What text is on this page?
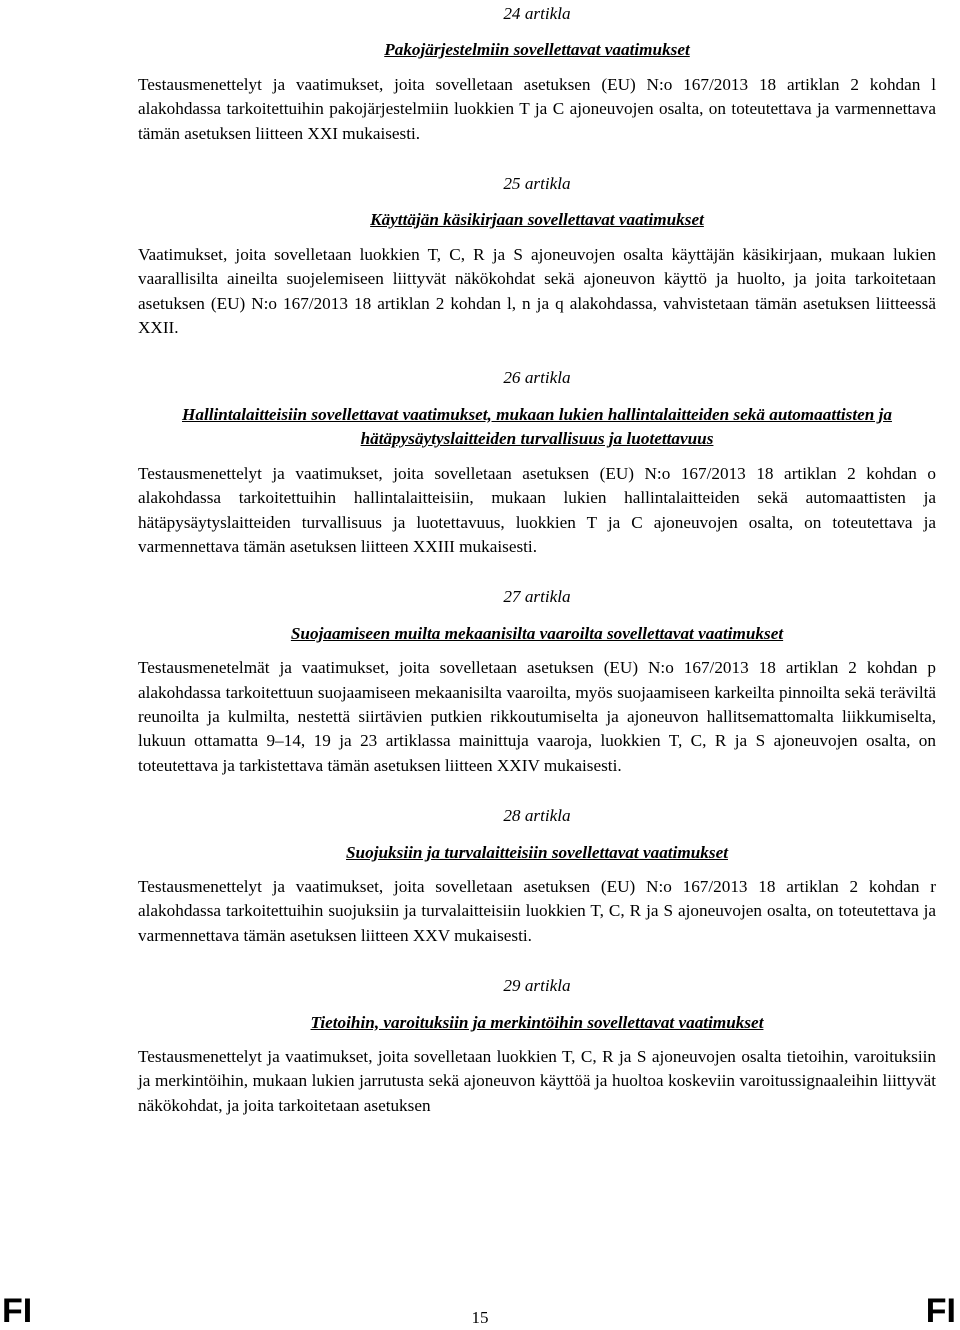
24 artikla

Pakojärjestelmiin sovellettavat vaatimukset

Testausmenettelyt ja vaatimukset, joita sovelletaan asetuksen (EU) N:o 167/2013 18 artiklan 2 kohdan l alakohdassa tarkoitettuihin pakojärjestelmiin luokkien T ja C ajoneuvojen osalta, on toteutettava ja varmennettava tämän asetuksen liitteen XXI mukaisesti.

25 artikla

Käyttäjän käsikirjaan sovellettavat vaatimukset

Vaatimukset, joita sovelletaan luokkien T, C, R ja S ajoneuvojen osalta käyttäjän käsikirjaan, mukaan lukien vaarallisilta aineilta suojelemiseen liittyvät näkökohdat sekä ajoneuvon käyttö ja huolto, ja joita tarkoitetaan asetuksen (EU) N:o 167/2013 18 artiklan 2 kohdan l, n ja q alakohdassa, vahvistetaan tämän asetuksen liitteessä XXII.

26 artikla

Hallintalaitteisiin sovellettavat vaatimukset, mukaan lukien hallintalaitteiden sekä automaattisten ja hätäpysäytyslaitteiden turvallisuus ja luotettavuus

Testausmenettelyt ja vaatimukset, joita sovelletaan asetuksen (EU) N:o 167/2013 18 artiklan 2 kohdan o alakohdassa tarkoitettuihin hallintalaitteisiin, mukaan lukien hallintalaitteiden sekä automaattisten ja hätäpysäytyslaitteiden turvallisuus ja luotettavuus, luokkien T ja C ajoneuvojen osalta, on toteutettava ja varmennettava tämän asetuksen liitteen XXIII mukaisesti.

27 artikla

Suojaamiseen muilta mekaanisilta vaaroilta sovellettavat vaatimukset

Testausmenetelmät ja vaatimukset, joita sovelletaan asetuksen (EU) N:o 167/2013 18 artiklan 2 kohdan p alakohdassa tarkoitettuun suojaamiseen mekaanisilta vaaroilta, myös suojaamiseen karkeilta pinnoilta sekä teräviltä reunoilta ja kulmilta, nestettä siirtävien putkien rikkoutumiselta ja ajoneuvon hallitsemattomalta liikkumiselta, lukuun ottamatta 9–14, 19 ja 23 artiklassa mainittuja vaaroja, luokkien T, C, R ja S ajoneuvojen osalta, on toteutettava ja tarkistettava tämän asetuksen liitteen XXIV mukaisesti.

28 artikla

Suojuksiin ja turvalaitteisiin sovellettavat vaatimukset

Testausmenettelyt ja vaatimukset, joita sovelletaan asetuksen (EU) N:o 167/2013 18 artiklan 2 kohdan r alakohdassa tarkoitettuihin suojuksiin ja turvalaitteisiin luokkien T, C, R ja S ajoneuvojen osalta, on toteutettava ja varmennettava tämän asetuksen liitteen XXV mukaisesti.

29 artikla

Tietoihin, varoituksiin ja merkintöihin sovellettavat vaatimukset

Testausmenettelyt ja vaatimukset, joita sovelletaan luokkien T, C, R ja S ajoneuvojen osalta tietoihin, varoituksiin ja merkintöihin, mukaan lukien jarrutusta sekä ajoneuvon käyttöä ja huoltoa koskeviin varoitussignaaleihin liittyvät näkökohdat, ja joita tarkoitetaan asetuksen

FI	15	FI
